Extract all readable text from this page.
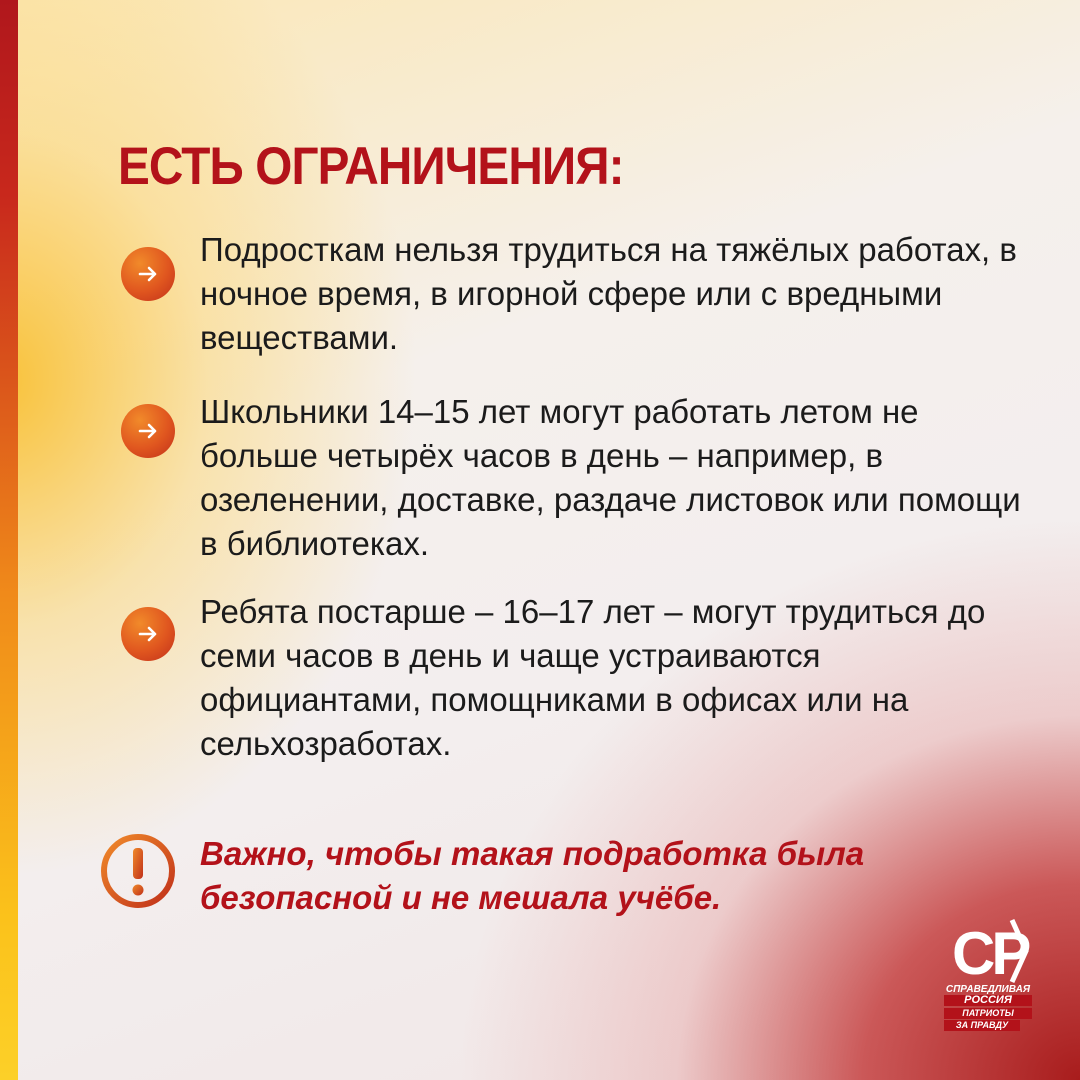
ЕСТЬ ОГРАНИЧЕНИЯ:

Подросткам нельзя трудиться на тяжёлых работах, в ночное время, в игорной сфере или с вредными веществами.

Школьники 14–15 лет могут работать летом не больше четырёх часов в день – например, в озеленении, доставке, раздаче листовок или помощи в библиотеках.

Ребята постарше – 16–17 лет – могут трудиться до семи часов в день и чаще устраиваются официантами, помощниками в офисах или на сельхозработах.

Важно, чтобы такая подработка была безопасной и не мешала учёбе.

СР
СПРАВЕДЛИВАЯ
РОССИЯ
ПАТРИОТЫ
ЗА ПРАВДУ
